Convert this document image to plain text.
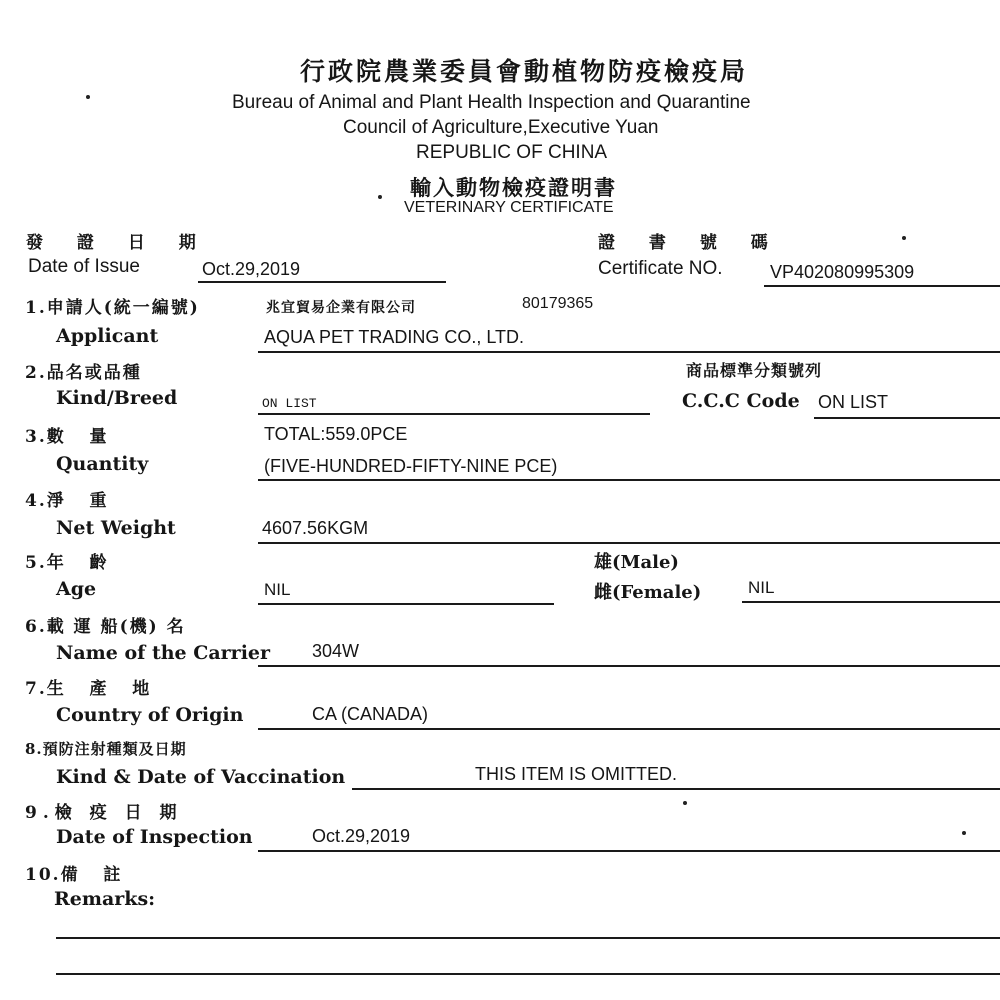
行政院農業委員會動植物防疫檢疫局
Bureau of Animal and Plant Health Inspection and Quarantine
Council of Agriculture,Executive Yuan
REPUBLIC OF CHINA
輸入動物檢疫證明書
VETERINARY CERTIFICATE
發 證 日 期
Date of Issue	Oct.29,2019
證 書 號 碼
Certificate NO.	VP402080995309
1.申請人(統一編號)	兆宜貿易企業有限公司	80179365
Applicant	AQUA PET TRADING CO., LTD.
2.品名或品種	商品標準分類號列
Kind/Breed	ON LIST	C.C.C Code ON LIST
3.數   量	TOTAL:559.0PCE
Quantity	(FIVE-HUNDRED-FIFTY-NINE PCE)
4.淨   重
Net Weight	4607.56KGM
5.年   齡	雄(Male)
Age	NIL	雌(Female)	NIL
6.載 運 船(機) 名
Name of the Carrier 304W
7.生   產   地
Country of Origin	CA (CANADA)
8.預防注射種類及日期
Kind & Date of Vaccination	THIS ITEM IS OMITTED.
9.檢 疫 日 期
Date of Inspection	Oct.29,2019
10.備   註
Remarks:
